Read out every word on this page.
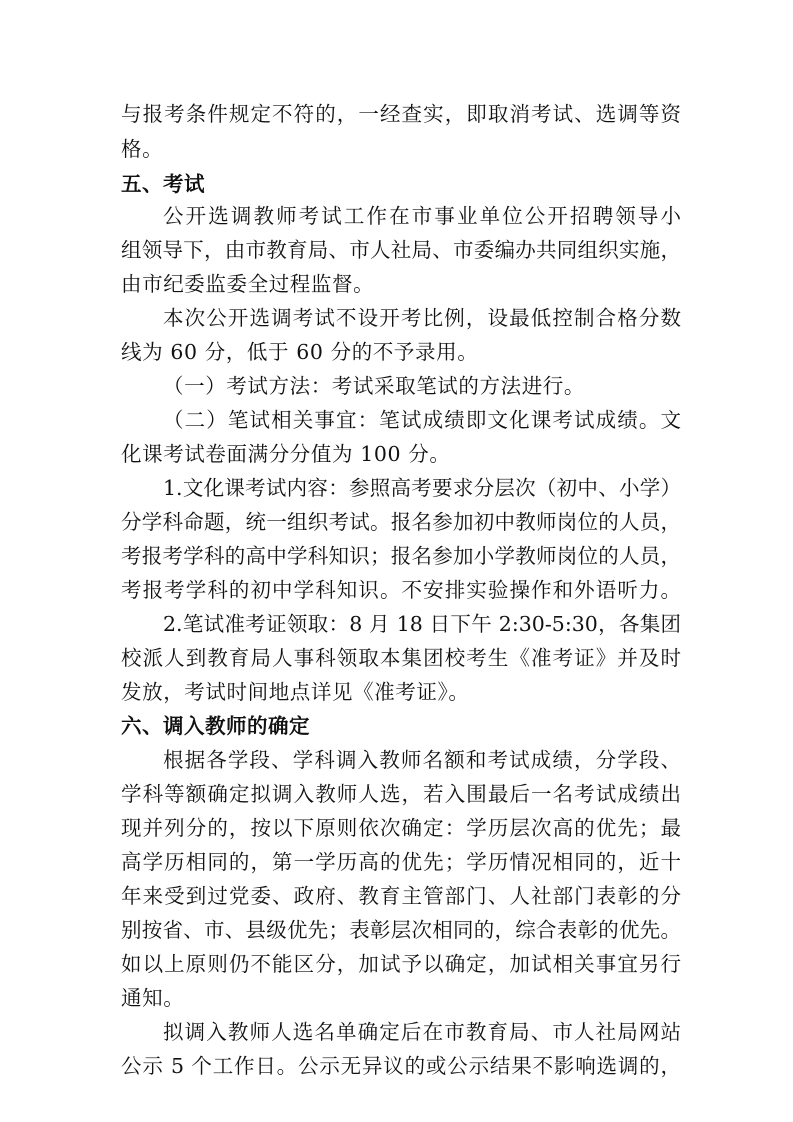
与报考条件规定不符的，一经查实，即取消考试、选调等资
格。
五、考试
公开选调教师考试工作在市事业单位公开招聘领导小
组领导下，由市教育局、市人社局、市委编办共同组织实施，
由市纪委监委全过程监督。
本次公开选调考试不设开考比例，设最低控制合格分数
线为 60 分，低于 60 分的不予录用。
（一）考试方法：考试采取笔试的方法进行。
（二）笔试相关事宜：笔试成绩即文化课考试成绩。文
化课考试卷面满分分值为 100 分。
1.文化课考试内容：参照高考要求分层次（初中、小学）
分学科命题，统一组织考试。报名参加初中教师岗位的人员，
考报考学科的高中学科知识；报名参加小学教师岗位的人员，
考报考学科的初中学科知识。不安排实验操作和外语听力。
2.笔试准考证领取：8 月 18 日下午 2:30-5:30，各集团
校派人到教育局人事科领取本集团校考生《准考证》并及时
发放，考试时间地点详见《准考证》。
六、调入教师的确定
根据各学段、学科调入教师名额和考试成绩，分学段、
学科等额确定拟调入教师人选，若入围最后一名考试成绩出
现并列分的，按以下原则依次确定：学历层次高的优先；最
高学历相同的，第一学历高的优先；学历情况相同的，近十
年来受到过党委、政府、教育主管部门、人社部门表彰的分
别按省、市、县级优先；表彰层次相同的，综合表彰的优先。
如以上原则仍不能区分，加试予以确定，加试相关事宜另行
通知。
拟调入教师人选名单确定后在市教育局、市人社局网站
公示 5 个工作日。公示无异议的或公示结果不影响选调的，
